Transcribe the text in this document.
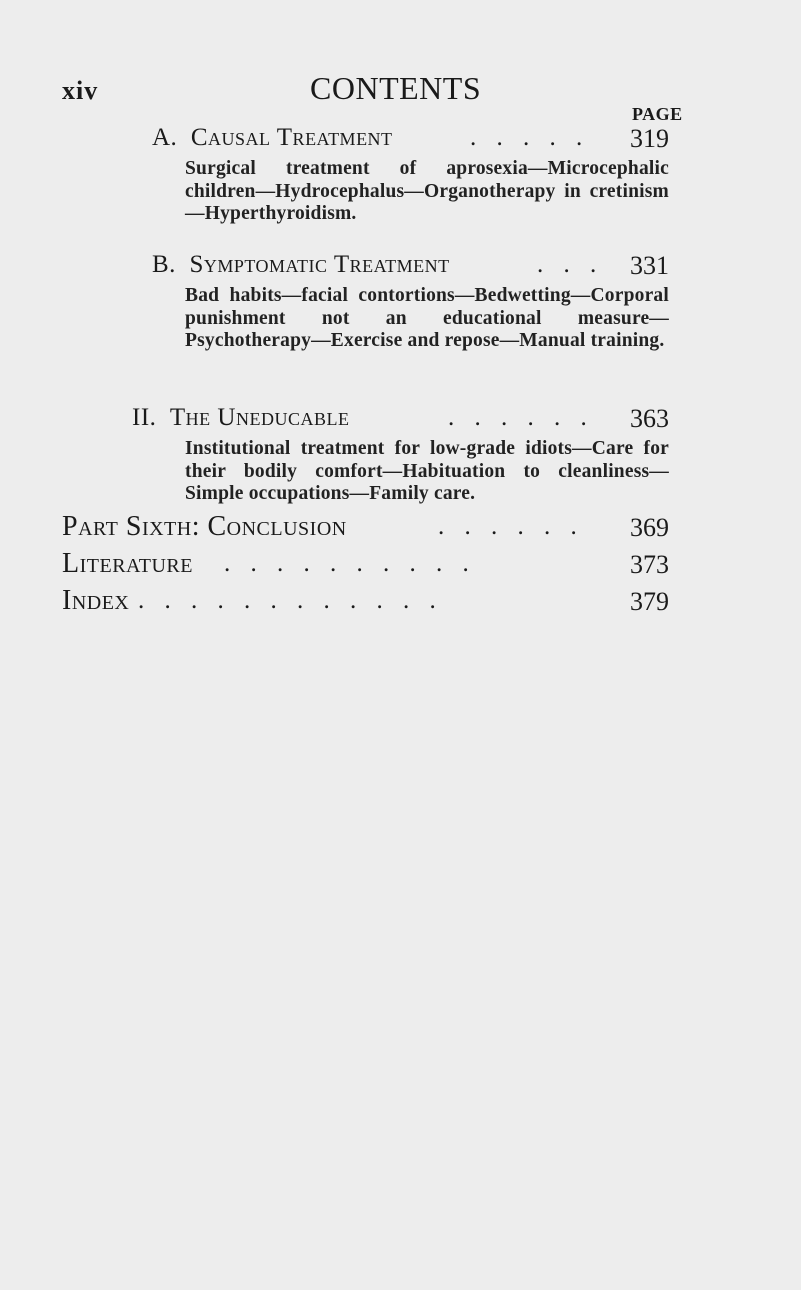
xiv	CONTENTS
PAGE
A. Causal Treatment	. . . . . 319
Surgical treatment of aprosexia—Microcephalic children—Hydrocephalus—Organotherapy in cretinism—Hyperthyroidism.
B. Symptomatic Treatment	. . . 331
Bad habits—facial contortions—Bedwetting—Corporal punishment not an educational measure—Psychotherapy—Exercise and repose—Manual training.
II. The Uneducable	. . . . . . 363
Institutional treatment for low-grade idiots—Care for their bodily comfort—Habituation to cleanliness—Simple occupations—Family care.
Part Sixth: Conclusion	. . . . . . 369
Literature . . . . . . . . . .	373
Index . . . . . . . . . . . .	379
